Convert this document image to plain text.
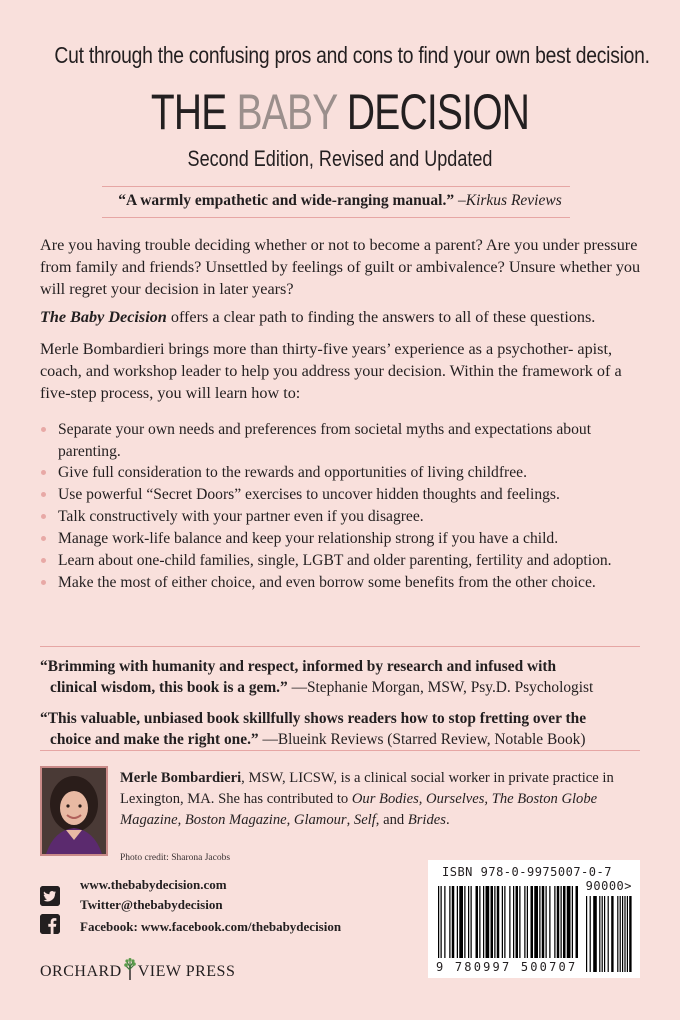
Cut through the confusing pros and cons to find your own best decision.
THE BABY DECISION
Second Edition, Revised and Updated
“A warmly empathetic and wide-ranging manual.” –Kirkus Reviews

Are you having trouble deciding whether or not to become a parent? Are you under pressure from family and friends? Unsettled by feelings of guilt or ambivalence? Unsure whether you will regret your decision in later years?

The Baby Decision offers a clear path to finding the answers to all of these questions.

Merle Bombardieri brings more than thirty-five years’ experience as a psychother- apist, coach, and workshop leader to help you address your decision. Within the framework of a five-step process, you will learn how to:

Separate your own needs and preferences from societal myths and expectations about parenting.
Give full consideration to the rewards and opportunities of living childfree.
Use powerful “Secret Doors” exercises to uncover hidden thoughts and feelings.
Talk constructively with your partner even if you disagree.
Manage work-life balance and keep your relationship strong if you have a child.
Learn about one-child families, single, LGBT and older parenting, fertility and adoption.
Make the most of either choice, and even borrow some benefits from the other choice.
“Brimming with humanity and respect, informed by research and infused with
clinical wisdom, this book is a gem.” —Stephanie Morgan, MSW, Psy.D. Psychologist
“This valuable, unbiased book skillfully shows readers how to stop fretting over the
choice and make the right one.” —Blueink Reviews (Starred Review, Notable Book)

Merle Bombardieri, MSW, LICSW, is a clinical social worker in private practice in Lexington, MA. She has contributed to Our Bodies, Ourselves, The Boston Globe Magazine, Boston Magazine, Glamour, Self, and Brides.

Photo credit: Sharona Jacobs
www.thebabydecision.com
Twitter@thebabydecision
Facebook: www.facebook.com/thebabydecision
ORCHARD VIEW PRESS
ISBN 978-0-9975007-0-7
90000>
9 780997 500707
